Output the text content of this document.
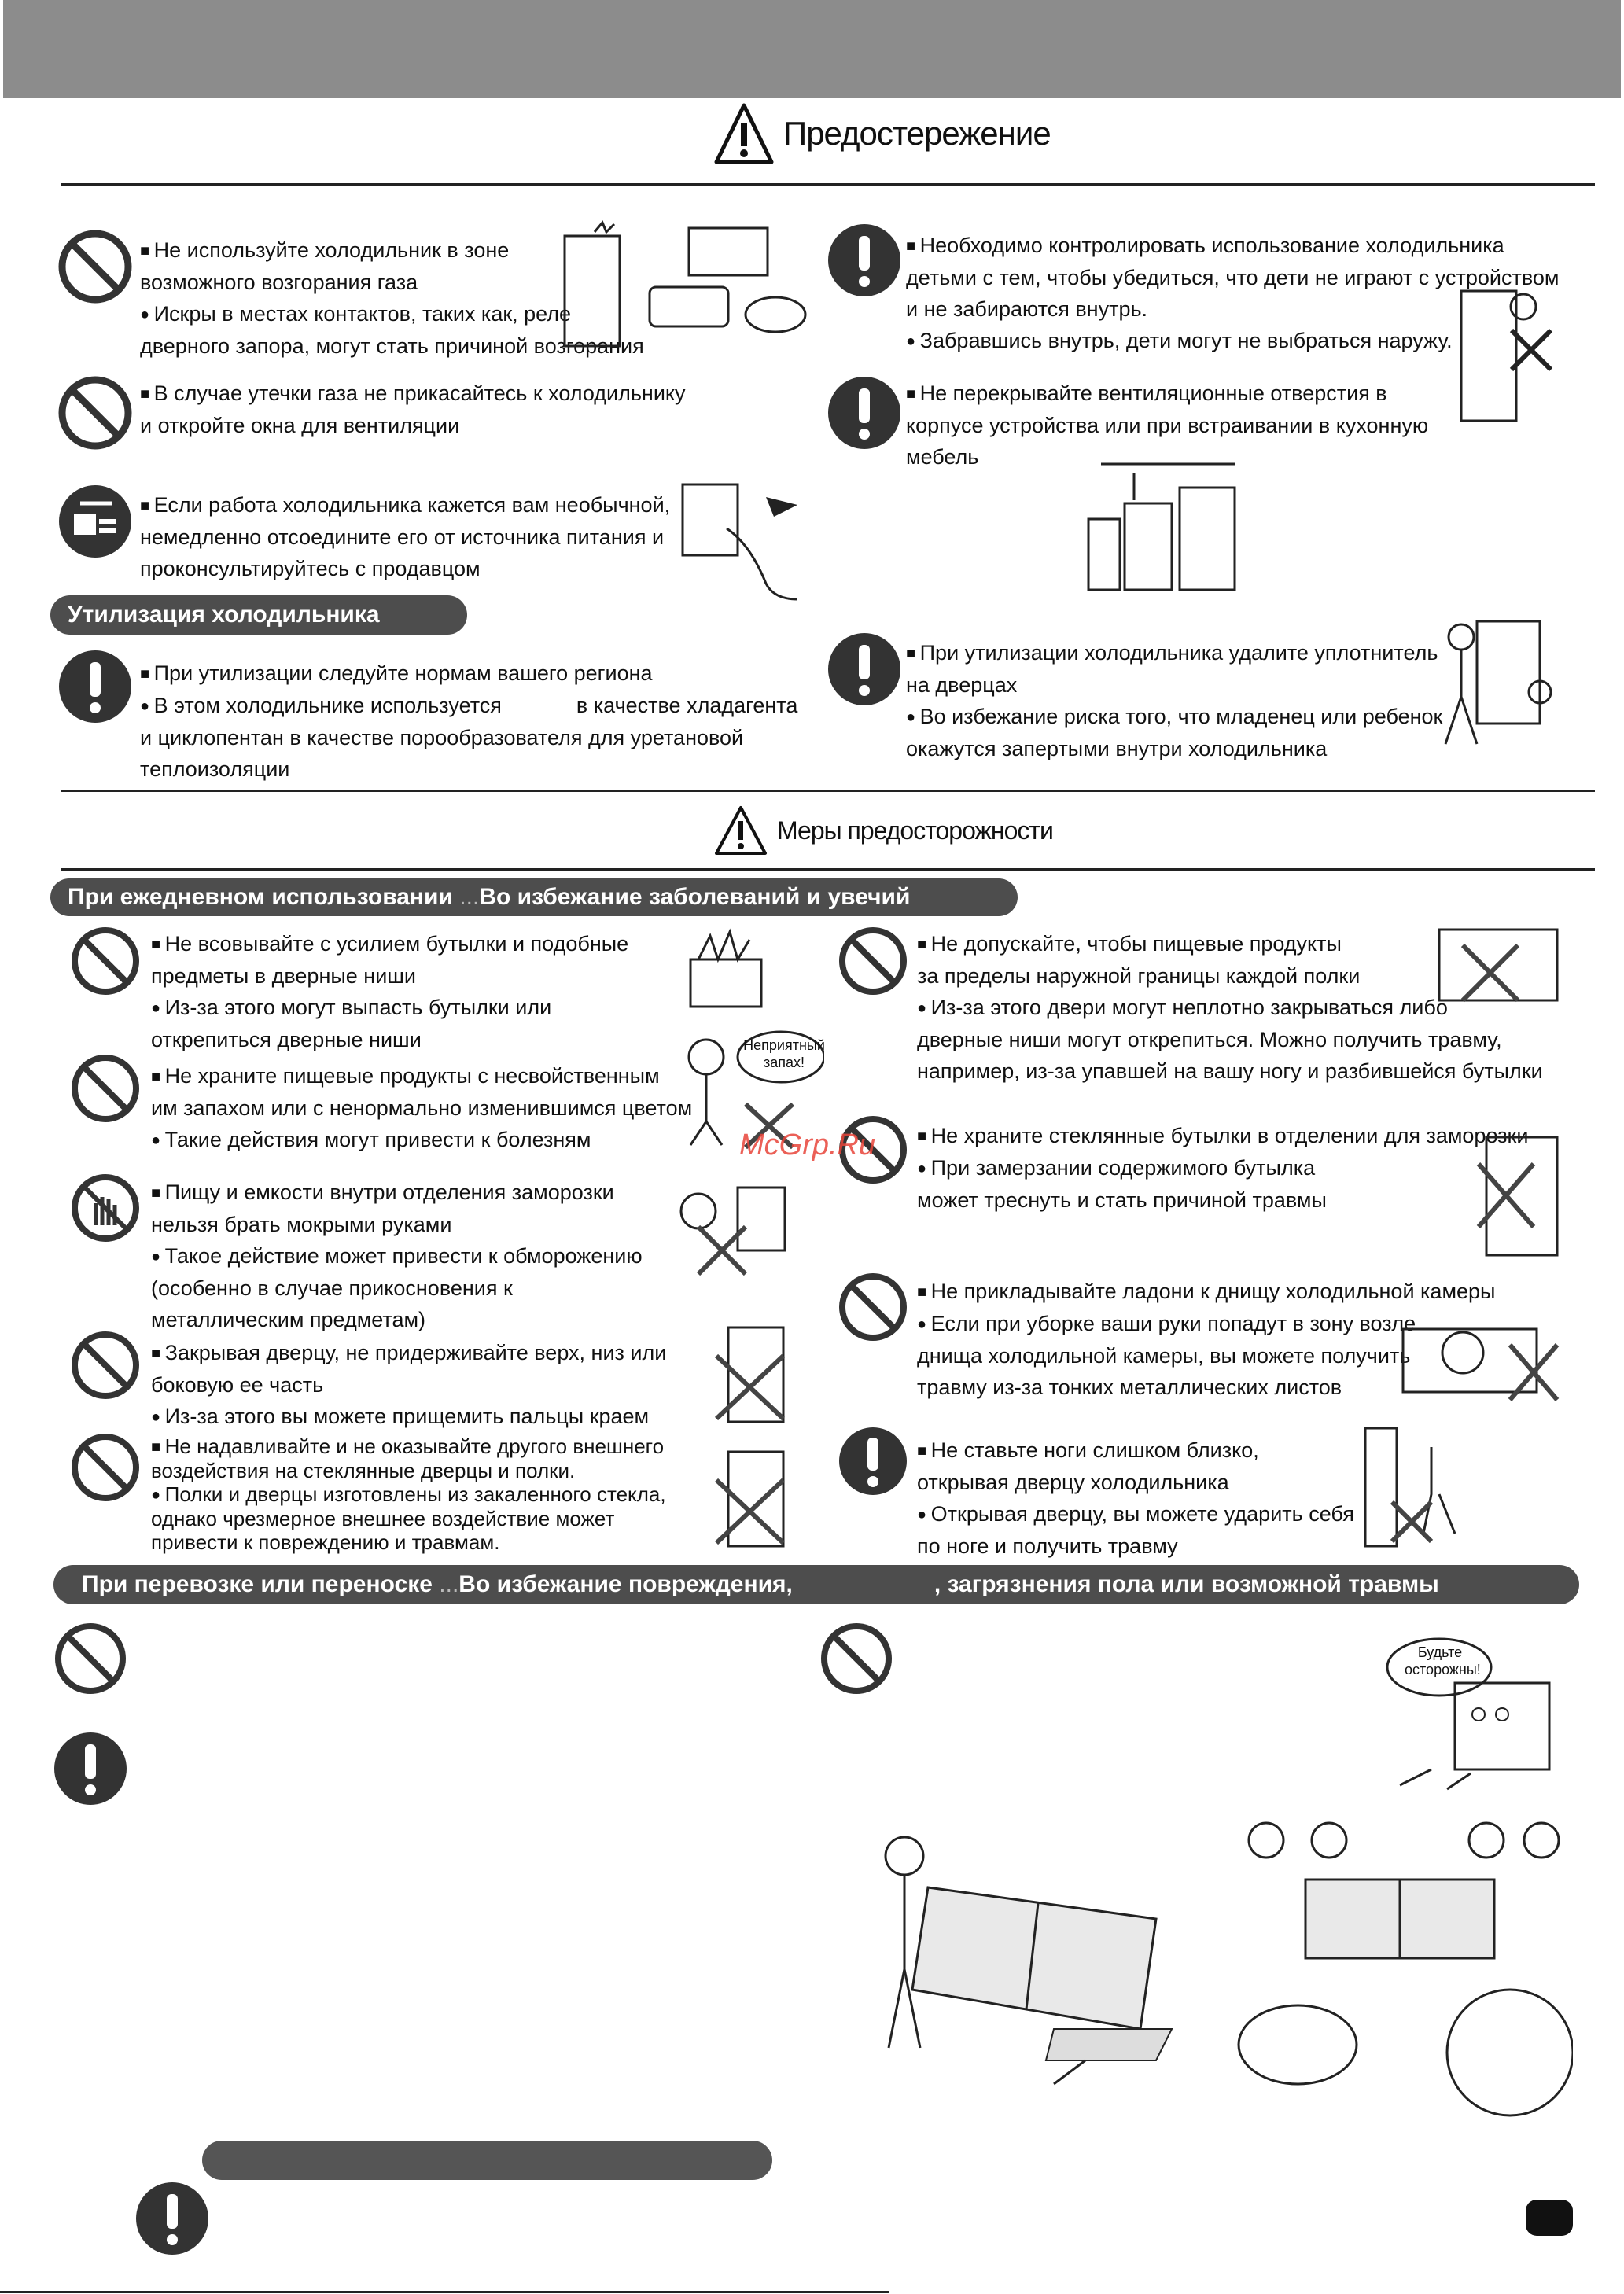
Предостережение

■ Не используйте холодильник в зоне

возможного возгорания газа

● Искры в местах контактов, таких как, реле

дверного запора, могут стать причиной возгорания

■ В случае утечки газа не прикасайтесь к холодильнику

и откройте окна для вентиляции

■ Если работа холодильника кажется вам необычной,

немедленно отсоедините его от источника питания и

проконсультируйтесь с продавцом

Утилизация холодильника

■ При утилизации следуйте нормам вашего региона

● В этом холодильнике используется	в качестве хладагента

и циклопентан в качестве порообразователя для уретановой

теплоизоляции

■ Необходимо контролировать использование холодильника

детьми с тем, чтобы убедиться, что дети не играют с устройством

и не забираются внутрь.

● Забравшись внутрь, дети могут не выбраться наружу.

■ Не перекрывайте вентиляционные отверстия в

корпусе устройства или при встраивании в кухонную

мебель

■ При утилизации холодильника удалите уплотнитель

на дверцах

● Во избежание риска того, что младенец или ребенок

окажутся запертыми внутри холодильника

Меры предосторожности
При ежедневном использовании ...Во избежание заболеваний и увечий

■ Не всовывайте с усилием бутылки и подобные

предметы в дверные ниши

● Из-за этого могут выпасть бутылки или

открепиться дверные ниши

■ Не храните пищевые продукты с несвойственным

им запахом или с ненормально изменившимся цветом

● Такие действия могут привести к болезням

Неприятный запах!

■ Пищу и емкости внутри отделения заморозки

нельзя брать мокрыми руками

● Такое действие может привести к обморожению

(особенно в случае прикосновения к

металлическим предметам)

■ Закрывая дверцу, не придерживайте верх, низ или

боковую ее часть

● Из-за этого вы можете прищемить пальцы краем

■ Не надавливайте и не оказывайте другого внешнего

воздействия на стеклянные дверцы и полки.

● Полки и дверцы изготовлены из закаленного стекла,

однако чрезмерное внешнее воздействие может

привести к повреждению и травмам.

■ Не допускайте, чтобы пищевые продукты

за пределы наружной границы каждой полки

● Из-за этого двери могут неплотно закрываться либо

дверные ниши могут открепиться. Можно получить травму,

например, из-за упавшей на вашу ногу и разбившейся бутылки

■ Не храните стеклянные бутылки в отделении для заморозки

● При замерзании содержимого бутылка

может треснуть и стать причиной травмы

■ Не прикладывайте ладони к днищу холодильной камеры

● Если при уборке ваши руки попадут в зону возле

днища холодильной камеры, вы можете получить

травму из-за тонких металлических листов

■ Не ставьте ноги слишком близко,

открывая дверцу холодильника

● Открывая дверцу, вы можете ударить себя

по ноге и получить травму

McGrp.Ru
При перевозке или переноске ...Во избежание повреждения,	, загрязнения пола или возможной травмы
Будьте осторожны!
